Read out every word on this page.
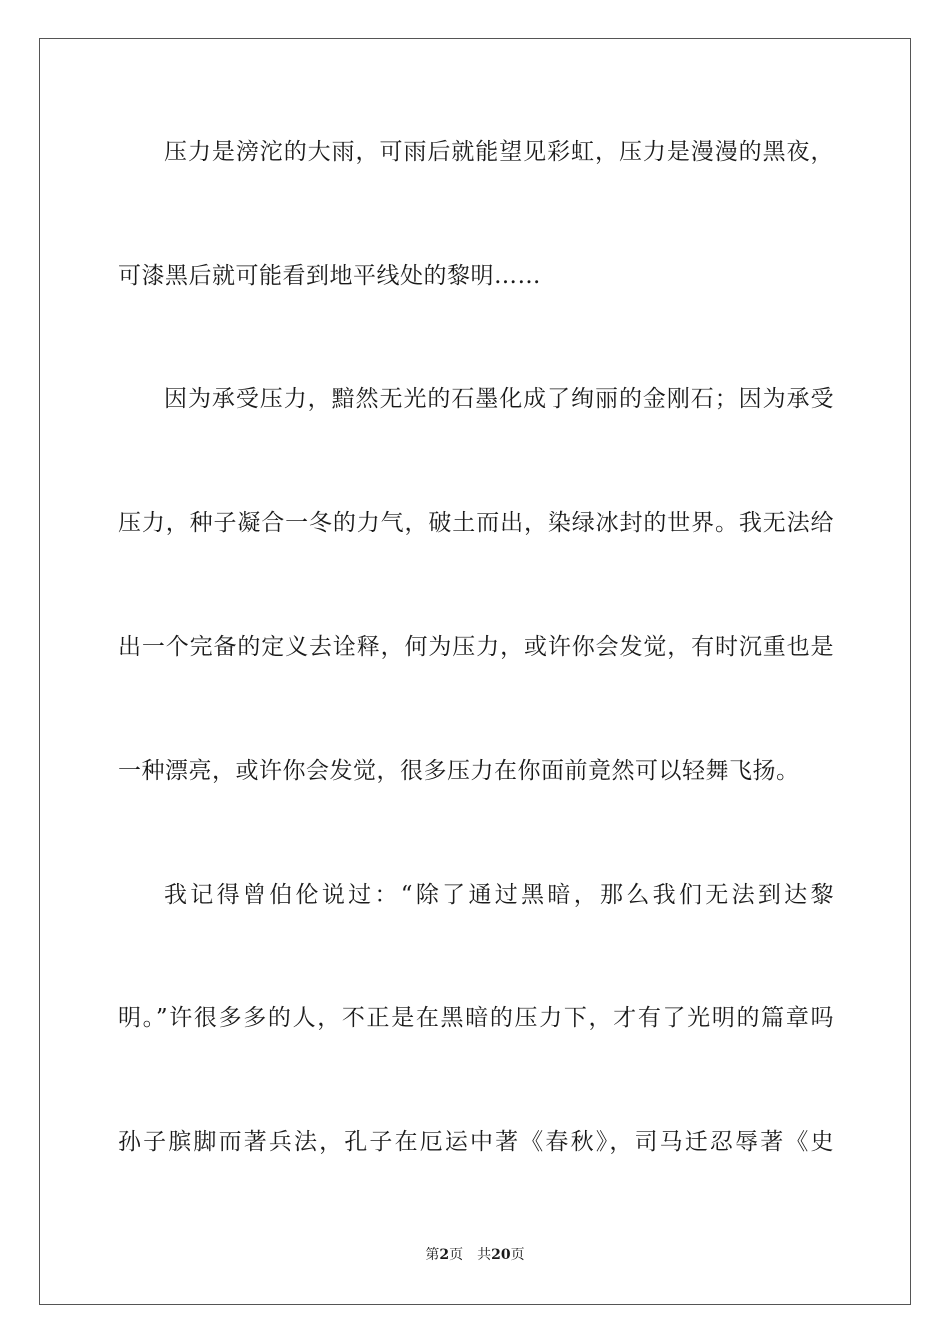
压力是滂沱的大雨，可雨后就能望见彩虹，压力是漫漫的黑夜，
可漆黑后就可能看到地平线处的黎明……
因为承受压力，黯然无光的石墨化成了绚丽的金刚石；因为承受
压力，种子凝合一冬的力气，破土而出，染绿冰封的世界。我无法给
出一个完备的定义去诠释，何为压力，或许你会发觉，有时沉重也是
一种漂亮，或许你会发觉，很多压力在你面前竟然可以轻舞飞扬。
我记得曾伯伦说过：“除了通过黑暗，那么我们无法到达黎
明。”许很多多的人，不正是在黑暗的压力下，才有了光明的篇章吗
孙子膑脚而著兵法，孔子在厄运中著《春秋》，司马迁忍辱著《史
第2页 共20页
